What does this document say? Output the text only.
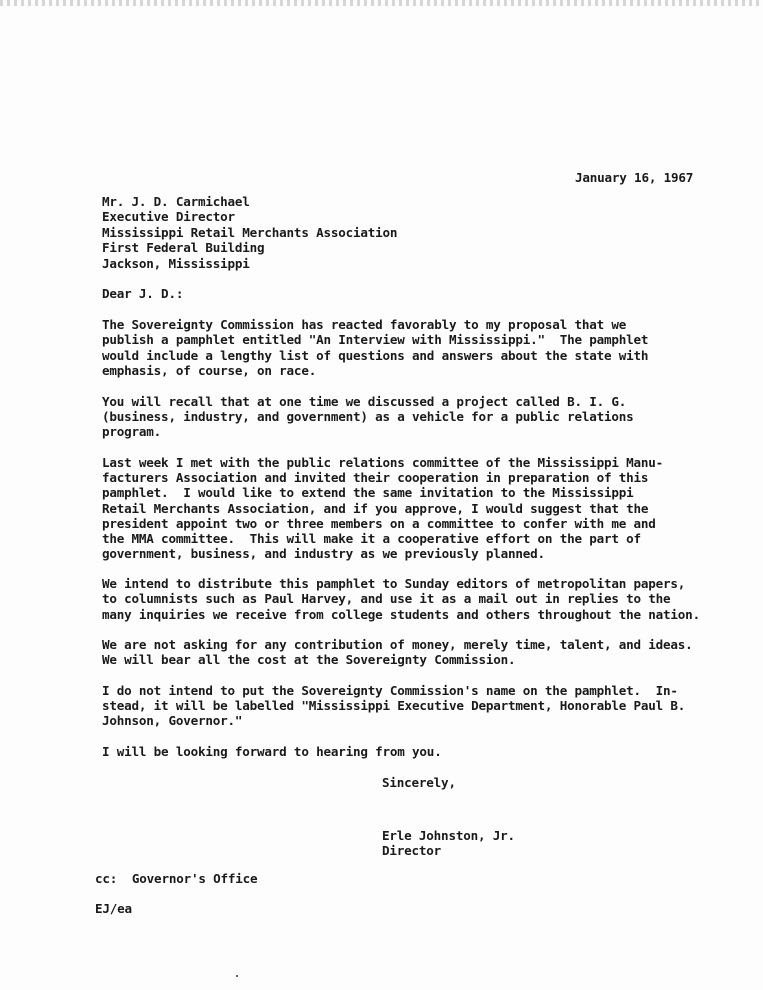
January 16, 1967
Mr. J. D. Carmichael
Executive Director
Mississippi Retail Merchants Association
First Federal Building
Jackson, Mississippi
Dear J. D.:
The Sovereignty Commission has reacted favorably to my proposal that we
publish a pamphlet entitled "An Interview with Mississippi."  The pamphlet
would include a lengthy list of questions and answers about the state with
emphasis, of course, on race.
You will recall that at one time we discussed a project called B. I. G.
(business, industry, and government) as a vehicle for a public relations
program.
Last week I met with the public relations committee of the Mississippi Manu-
facturers Association and invited their cooperation in preparation of this
pamphlet.  I would like to extend the same invitation to the Mississippi
Retail Merchants Association, and if you approve, I would suggest that the
president appoint two or three members on a committee to confer with me and
the MMA committee.  This will make it a cooperative effort on the part of
government, business, and industry as we previously planned.
We intend to distribute this pamphlet to Sunday editors of metropolitan papers,
to columnists such as Paul Harvey, and use it as a mail out in replies to the
many inquiries we receive from college students and others throughout the nation.
We are not asking for any contribution of money, merely time, talent, and ideas.
We will bear all the cost at the Sovereignty Commission.
I do not intend to put the Sovereignty Commission's name on the pamphlet.  In-
stead, it will be labelled "Mississippi Executive Department, Honorable Paul B.
Johnson, Governor."
I will be looking forward to hearing from you.
Sincerely,
Erle Johnston, Jr.
Director
cc:  Governor's Office
EJ/ea
